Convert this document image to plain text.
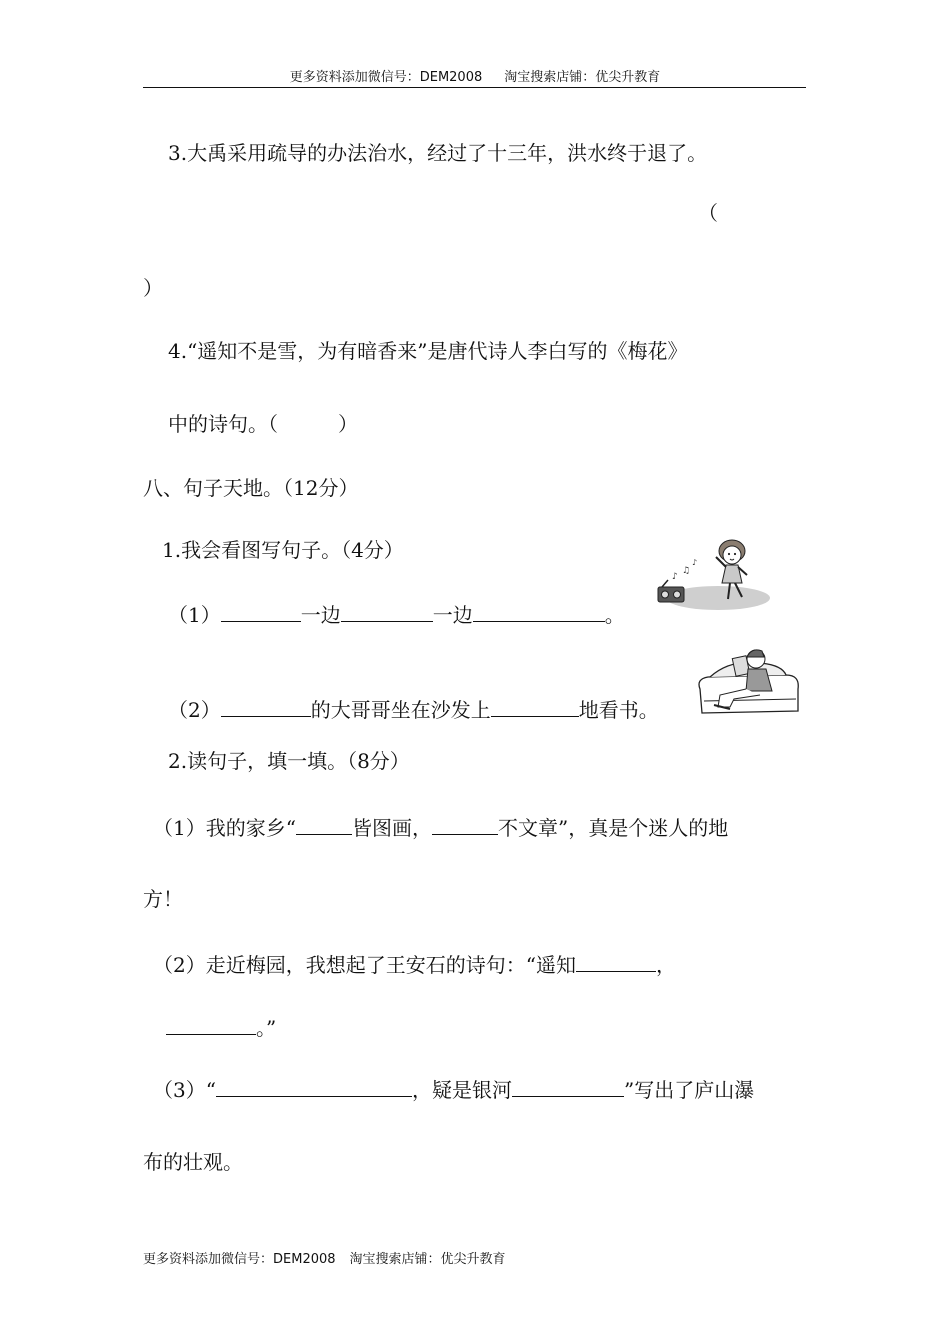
更多资料添加微信号：DEM2008 淘宝搜索店铺：优尖升教育
3.大禹采用疏导的办法治水，经过了十三年，洪水终于退了。
（
）
4.“遥知不是雪，为有暗香来”是唐代诗人李白写的《梅花》
中的诗句。（　　　）
八、句子天地。（12分）
1.我会看图写句子。（4分）
（1）	一边	一边	。
♪
♫
♪
（2）	的大哥哥坐在沙发上	地看书。
2.读句子，填一填。（8分）
（1）我的家乡“	皆图画，	不文章”，真是个迷人的地
方！
（2）走近梅园，我想起了王安石的诗句：“遥知	，
。”
（3）“	，疑是银河	”写出了庐山瀑
布的壮观。
更多资料添加微信号：DEM2008 淘宝搜索店铺：优尖升教育
